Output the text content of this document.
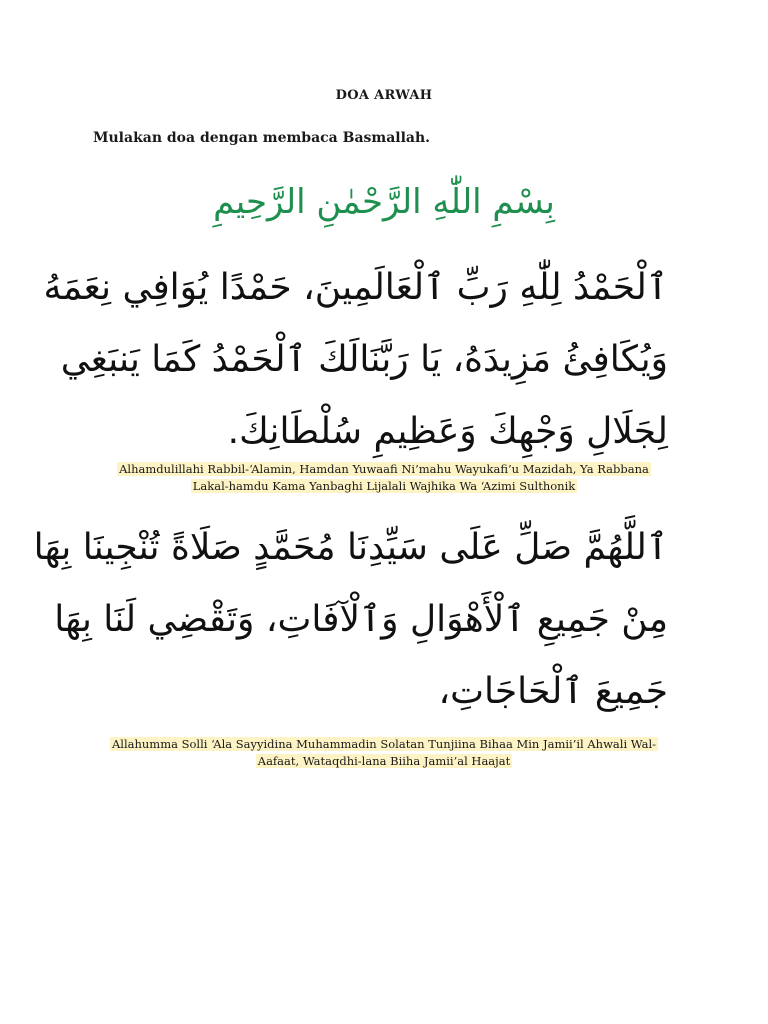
DOA ARWAH
Mulakan doa dengan membaca Basmallah.
بِسْمِ اللّٰهِ الرَّحْمٰنِ الرَّحِيمِ
ٱلْحَمْدُ لِلّٰهِ رَبِّ ٱلْعَالَمِينَ، حَمْدًا يُوَافِي نِعَمَهُ
وَيُكَافِئُ مَزِيدَهُ، يَا رَبَّنَالَكَ ٱلْحَمْدُ كَمَا يَنبَغِي
لِجَلَالِ وَجْهِكَ وَعَظِيمِ سُلْطَانِكَ.
Alhamdulillahi Rabbil-‘Alamin, Hamdan Yuwaafi Ni’mahu Wayukafi’u Mazidah, Ya Rabbana
Lakal-hamdu Kama Yanbaghi Lijalali Wajhika Wa ‘Azimi Sulthonik
ٱللَّهُمَّ صَلِّ عَلَى سَيِّدِنَا مُحَمَّدٍ صَلَاةً تُنْجِينَا بِهَا
مِنْ جَمِيعِ ٱلْأَهْوَالِ وَٱلْآفَاتِ، وَتَقْضِي لَنَا بِهَا
جَمِيعَ ٱلْحَاجَاتِ،
Allahumma Solli ‘Ala Sayyidina Muhammadin Solatan Tunjiina Bihaa Min Jamii’il Ahwali Wal-
Aafaat, Wataqdhi-lana Biiha Jamii’al Haajat
